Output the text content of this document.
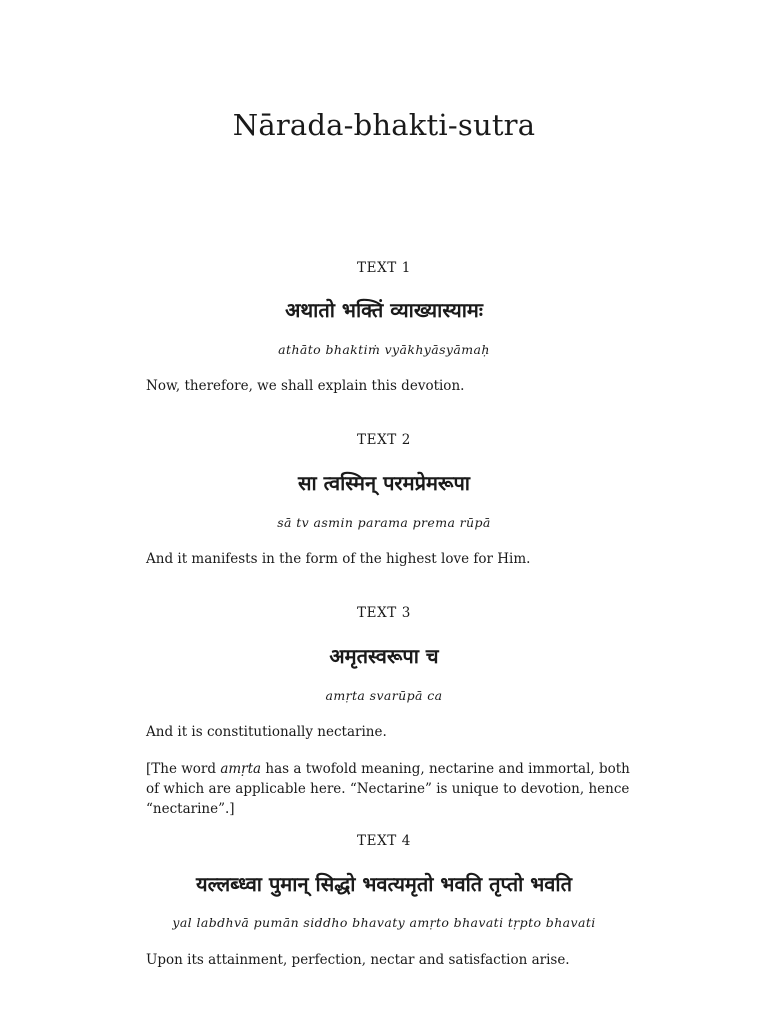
Nārada-bhakti-sutra
TEXT 1
अथातो भक्तिं व्याख्यास्यामः
athāto bhaktiṁ vyākhyāsyāmaḥ
Now, therefore, we shall explain this devotion.
TEXT 2
सा त्वस्मिन् परमप्रेमरूपा
sā tv asmin parama prema rūpā
And it manifests in the form of the highest love for Him.
TEXT 3
अमृतस्वरूपा च
amṛta svarūpā ca
And it is constitutionally nectarine.
[The word amṛta has a twofold meaning, nectarine and immortal, both of which are applicable here. “Nectarine” is unique to devotion, hence “nectarine”.]
TEXT 4
यल्लब्ध्वा पुमान् सिद्धो भवत्यमृतो भवति तृप्तो भवति
yal labdhvā pumān siddho bhavaty amṛto bhavati tṛpto bhavati
Upon its attainment, perfection, nectar and satisfaction arise.
